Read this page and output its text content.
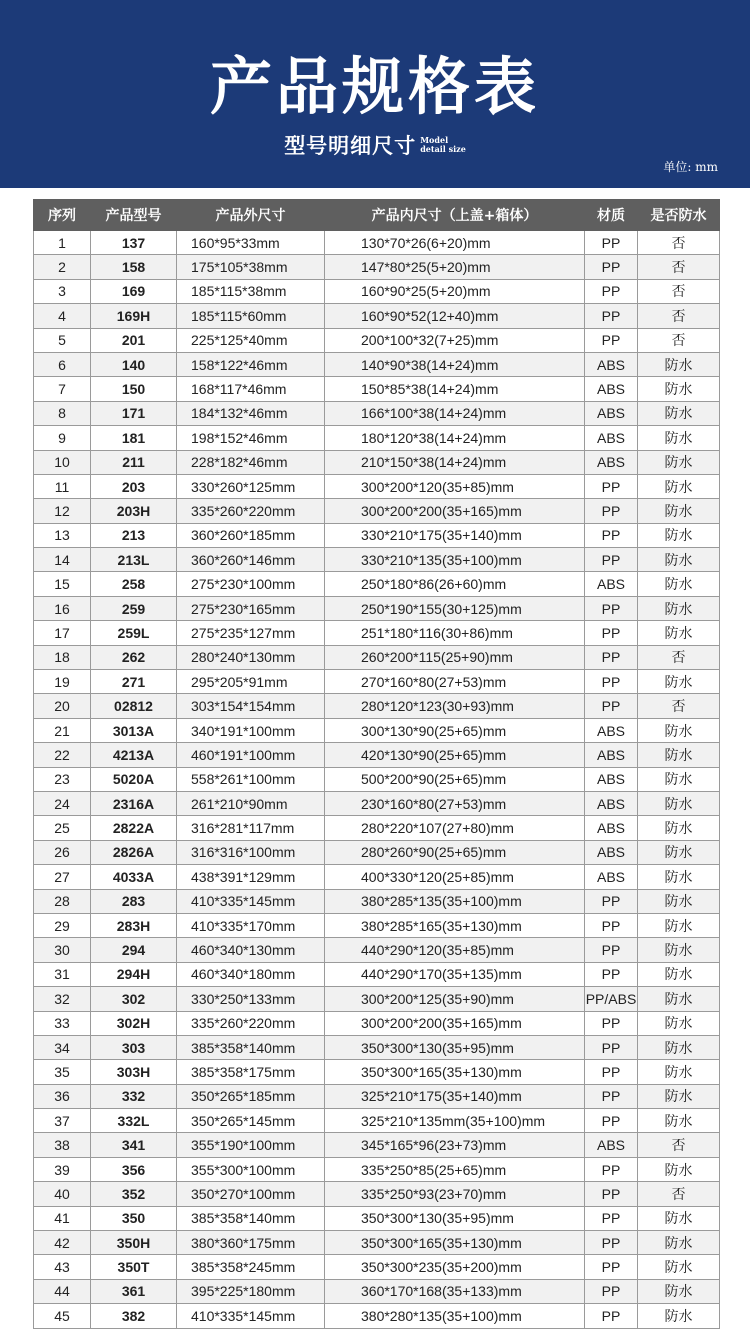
产品规格表
型号明细尺寸 Model
detail size
单位: mm
序列	产品型号	产品外尺寸	产品内尺寸（上盖+箱体）	材质	是否防水
1	137	160*95*33mm	130*70*26(6+20)mm	PP	否
2	158	175*105*38mm	147*80*25(5+20)mm	PP	否
3	169	185*115*38mm	160*90*25(5+20)mm	PP	否
4	169H	185*115*60mm	160*90*52(12+40)mm	PP	否
5	201	225*125*40mm	200*100*32(7+25)mm	PP	否
6	140	158*122*46mm	140*90*38(14+24)mm	ABS	防水
7	150	168*117*46mm	150*85*38(14+24)mm	ABS	防水
8	171	184*132*46mm	166*100*38(14+24)mm	ABS	防水
9	181	198*152*46mm	180*120*38(14+24)mm	ABS	防水
10	211	228*182*46mm	210*150*38(14+24)mm	ABS	防水
11	203	330*260*125mm	300*200*120(35+85)mm	PP	防水
12	203H	335*260*220mm	300*200*200(35+165)mm	PP	防水
13	213	360*260*185mm	330*210*175(35+140)mm	PP	防水
14	213L	360*260*146mm	330*210*135(35+100)mm	PP	防水
15	258	275*230*100mm	250*180*86(26+60)mm	ABS	防水
16	259	275*230*165mm	250*190*155(30+125)mm	PP	防水
17	259L	275*235*127mm	251*180*116(30+86)mm	PP	防水
18	262	280*240*130mm	260*200*115(25+90)mm	PP	否
19	271	295*205*91mm	270*160*80(27+53)mm	PP	防水
20	02812	303*154*154mm	280*120*123(30+93)mm	PP	否
21	3013A	340*191*100mm	300*130*90(25+65)mm	ABS	防水
22	4213A	460*191*100mm	420*130*90(25+65)mm	ABS	防水
23	5020A	558*261*100mm	500*200*90(25+65)mm	ABS	防水
24	2316A	261*210*90mm	230*160*80(27+53)mm	ABS	防水
25	2822A	316*281*117mm	280*220*107(27+80)mm	ABS	防水
26	2826A	316*316*100mm	280*260*90(25+65)mm	ABS	防水
27	4033A	438*391*129mm	400*330*120(25+85)mm	ABS	防水
28	283	410*335*145mm	380*285*135(35+100)mm	PP	防水
29	283H	410*335*170mm	380*285*165(35+130)mm	PP	防水
30	294	460*340*130mm	440*290*120(35+85)mm	PP	防水
31	294H	460*340*180mm	440*290*170(35+135)mm	PP	防水
32	302	330*250*133mm	300*200*125(35+90)mm	PP/ABS	防水
33	302H	335*260*220mm	300*200*200(35+165)mm	PP	防水
34	303	385*358*140mm	350*300*130(35+95)mm	PP	防水
35	303H	385*358*175mm	350*300*165(35+130)mm	PP	防水
36	332	350*265*185mm	325*210*175(35+140)mm	PP	防水
37	332L	350*265*145mm	325*210*135mm(35+100)mm	PP	防水
38	341	355*190*100mm	345*165*96(23+73)mm	ABS	否
39	356	355*300*100mm	335*250*85(25+65)mm	PP	防水
40	352	350*270*100mm	335*250*93(23+70)mm	PP	否
41	350	385*358*140mm	350*300*130(35+95)mm	PP	防水
42	350H	380*360*175mm	350*300*165(35+130)mm	PP	防水
43	350T	385*358*245mm	350*300*235(35+200)mm	PP	防水
44	361	395*225*180mm	360*170*168(35+133)mm	PP	防水
45	382	410*335*145mm	380*280*135(35+100)mm	PP	防水
